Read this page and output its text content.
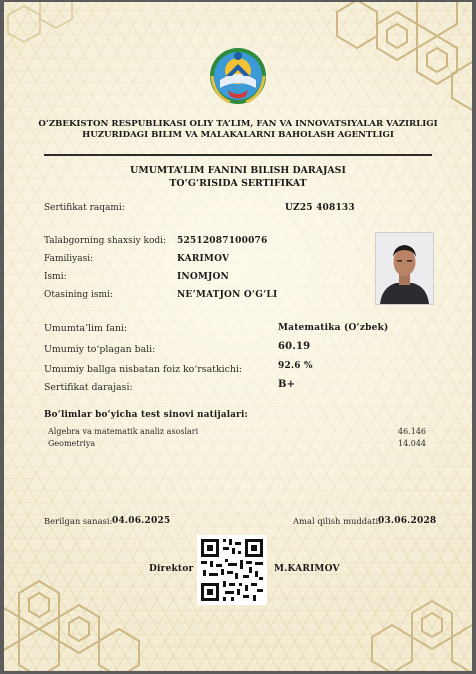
O‘ZBEKISTON RESPUBLIKASI OLIY TA’LIM, FAN VA INNOVATSIYALAR VAZIRLIGI
HUZURIDAGI BILIM VA MALAKALARNI BAHOLASH AGENTLIGI
UMUMTA’LIM FANINI BILISH DARAJASI
TO‘G‘RISIDA SERTIFIKAT
Sertifikat raqami:	UZ25 408133
Talabgorning shaxsiy kodi: 52512087100076
Familiyasi:	KARIMOV
Ismi:	INOMJON
Otasining ismi:	NE’MATJON O‘G‘LI
Umumta’lim fani:	Matematika (O‘zbek)
Umumiy to‘plagan bali:	60.19
Umumiy ballga nisbatan foiz ko‘rsatkichi:	92.6 %
Sertifikat darajasi:	B+
Bo‘limlar bo‘yicha test sinovi natijalari:
Algebra va matematik analiz asoslari	46.146
Geometriya	14.044
Berilgan sanasi: 04.06.2025	Amal qilish muddati:
03.06.2028
Direktor	M.KARIMOV
